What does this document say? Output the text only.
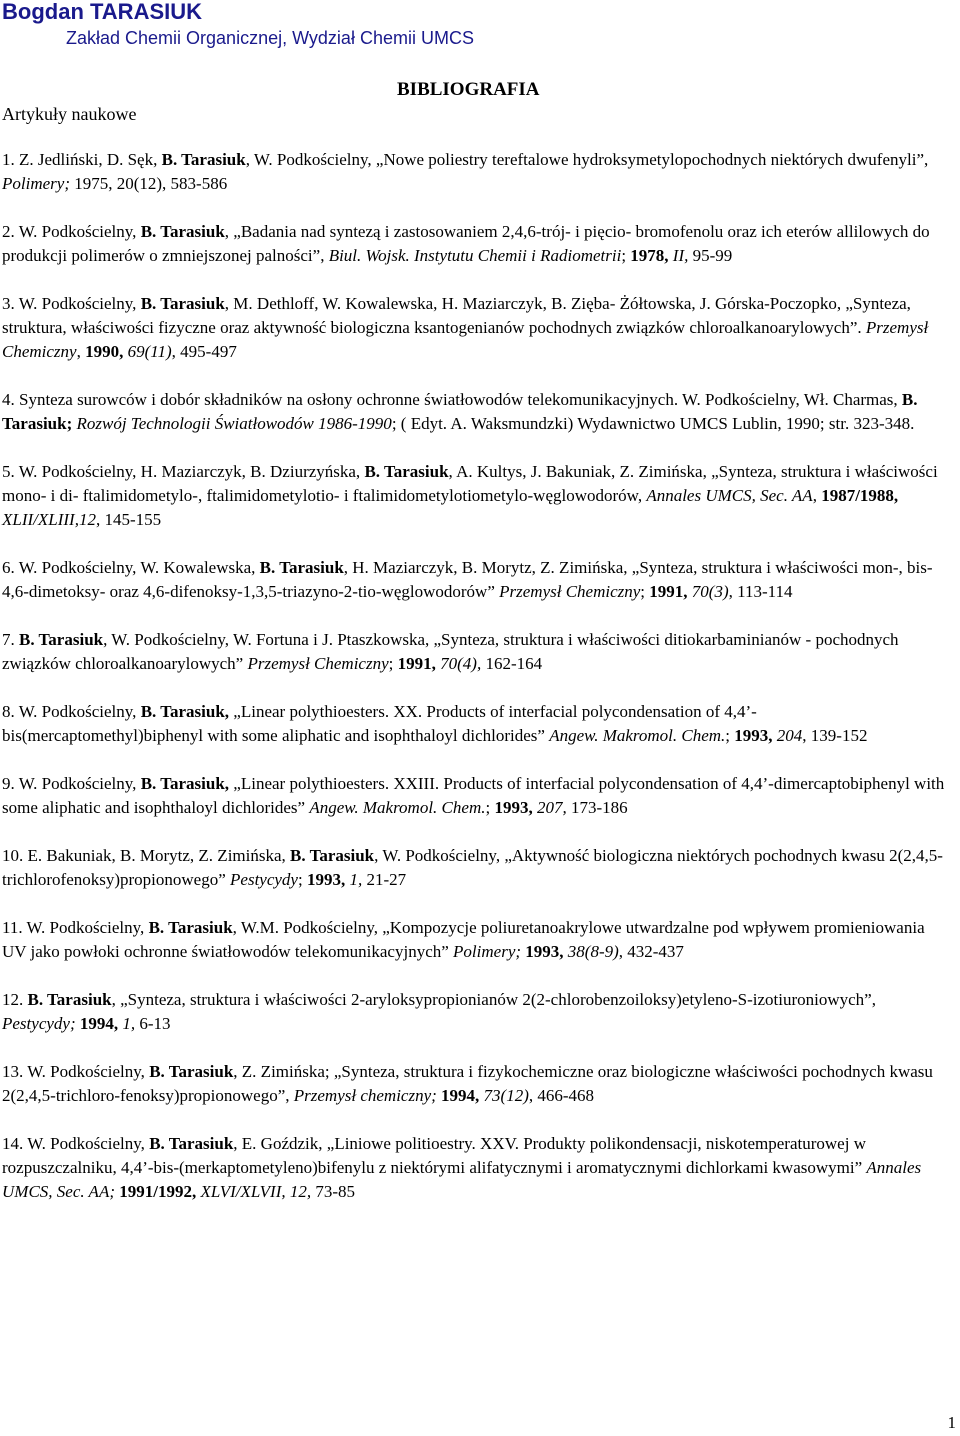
Bogdan TARASIUK

Zakład Chemii Organicznej, Wydział Chemii UMCS

BIBLIOGRAFIA

Artykuły naukowe

1. Z. Jedliński, D. Sęk, B. Tarasiuk, W. Podkościelny, „Nowe poliestry tereftalowe hydroksymetylopochodnych niektórych dwufenyli”, Polimery; 1975, 20(12), 583-586
2. W. Podkościelny, B. Tarasiuk, „Badania nad syntezą i zastosowaniem 2,4,6-trój- i pięcio- bromofenolu oraz ich eterów allilowych do produkcji polimerów o zmniejszonej palności”, Biul. Wojsk. Instytutu Chemii i Radiometrii; 1978, II, 95-99
3. W. Podkościelny, B. Tarasiuk, M. Dethloff, W. Kowalewska, H. Maziarczyk, B. Zięba- Żółtowska, J. Górska-Poczopko, „Synteza, struktura, właściwości fizyczne oraz aktywność biologiczna ksantogenianów pochodnych związków chloroalkanoarylowych”. Przemysł Chemiczny, 1990, 69(11), 495-497
4. Synteza surowców i dobór składników na osłony ochronne światłowodów telekomunikacyjnych. W. Podkościelny, Wł. Charmas, B. Tarasiuk; Rozwój Technologii Światłowodów 1986-1990; ( Edyt. A. Waksmundzki) Wydawnictwo UMCS Lublin, 1990; str. 323-348.
5. W. Podkościelny, H. Maziarczyk, B. Dziurzyńska, B. Tarasiuk, A. Kultys, J. Bakuniak, Z. Zimińska, „Synteza, struktura i właściwości mono- i di- ftalimidometylo-, ftalimidometylotio- i ftalimidometylotiometylo-węglowodorów, Annales UMCS, Sec. AA, 1987/1988, XLII/XLIII,12, 145-155
6. W. Podkościelny, W. Kowalewska, B. Tarasiuk, H. Maziarczyk, B. Morytz, Z. Zimińska, „Synteza, struktura i właściwości mon-, bis-4,6-dimetoksy- oraz 4,6-difenoksy-1,3,5-triazyno-2-tio-węglowodorów” Przemysł Chemiczny; 1991, 70(3), 113-114
7. B. Tarasiuk, W. Podkościelny, W. Fortuna i J. Ptaszkowska, „Synteza, struktura i właściwości ditiokarbaminianów - pochodnych związków chloroalkanoarylowych” Przemysł Chemiczny; 1991, 70(4), 162-164
8. W. Podkościelny, B. Tarasiuk, „Linear polythioesters. XX. Products of interfacial polycondensation of 4,4’-bis(mercaptomethyl)biphenyl with some aliphatic and isophthaloyl dichlorides” Angew. Makromol. Chem.; 1993, 204, 139-152
9. W. Podkościelny, B. Tarasiuk, „Linear polythioesters. XXIII. Products of interfacial polycondensation of 4,4’-dimercaptobiphenyl with some aliphatic and isophthaloyl dichlorides” Angew. Makromol. Chem.; 1993, 207, 173-186
10. E. Bakuniak, B. Morytz, Z. Zimińska, B. Tarasiuk, W. Podkościelny, „Aktywność biologiczna niektórych pochodnych kwasu 2(2,4,5-trichlorofenoksy)propionowego” Pestycydy; 1993, 1, 21-27
11. W. Podkościelny, B. Tarasiuk, W.M. Podkościelny, „Kompozycje poliuretanoakrylowe utwardzalne pod wpływem promieniowania UV jako powłoki ochronne światłowodów telekomunikacyjnych” Polimery; 1993, 38(8-9), 432-437
12. B. Tarasiuk, „Synteza, struktura i właściwości 2-aryloksypropionianów 2(2-chlorobenzoiloksy)etyleno-S-izotiuroniowych”, Pestycydy; 1994, 1, 6-13
13. W. Podkościelny, B. Tarasiuk, Z. Zimińska; „Synteza, struktura i fizykochemiczne oraz biologiczne właściwości pochodnych kwasu 2(2,4,5-trichloro-fenoksy)propionowego”, Przemysł chemiczny; 1994, 73(12), 466-468
14. W. Podkościelny, B. Tarasiuk, E. Goździk, „Liniowe politioestry. XXV. Produkty polikondensacji, niskotemperaturowej w rozpuszczalniku, 4,4’-bis-(merkaptometyleno)bifenylu z niektórymi alifatycznymi i aromatycznymi dichlorkami kwasowymi” Annales UMCS, Sec. AA; 1991/1992, XLVI/XLVII, 12, 73-85

1
